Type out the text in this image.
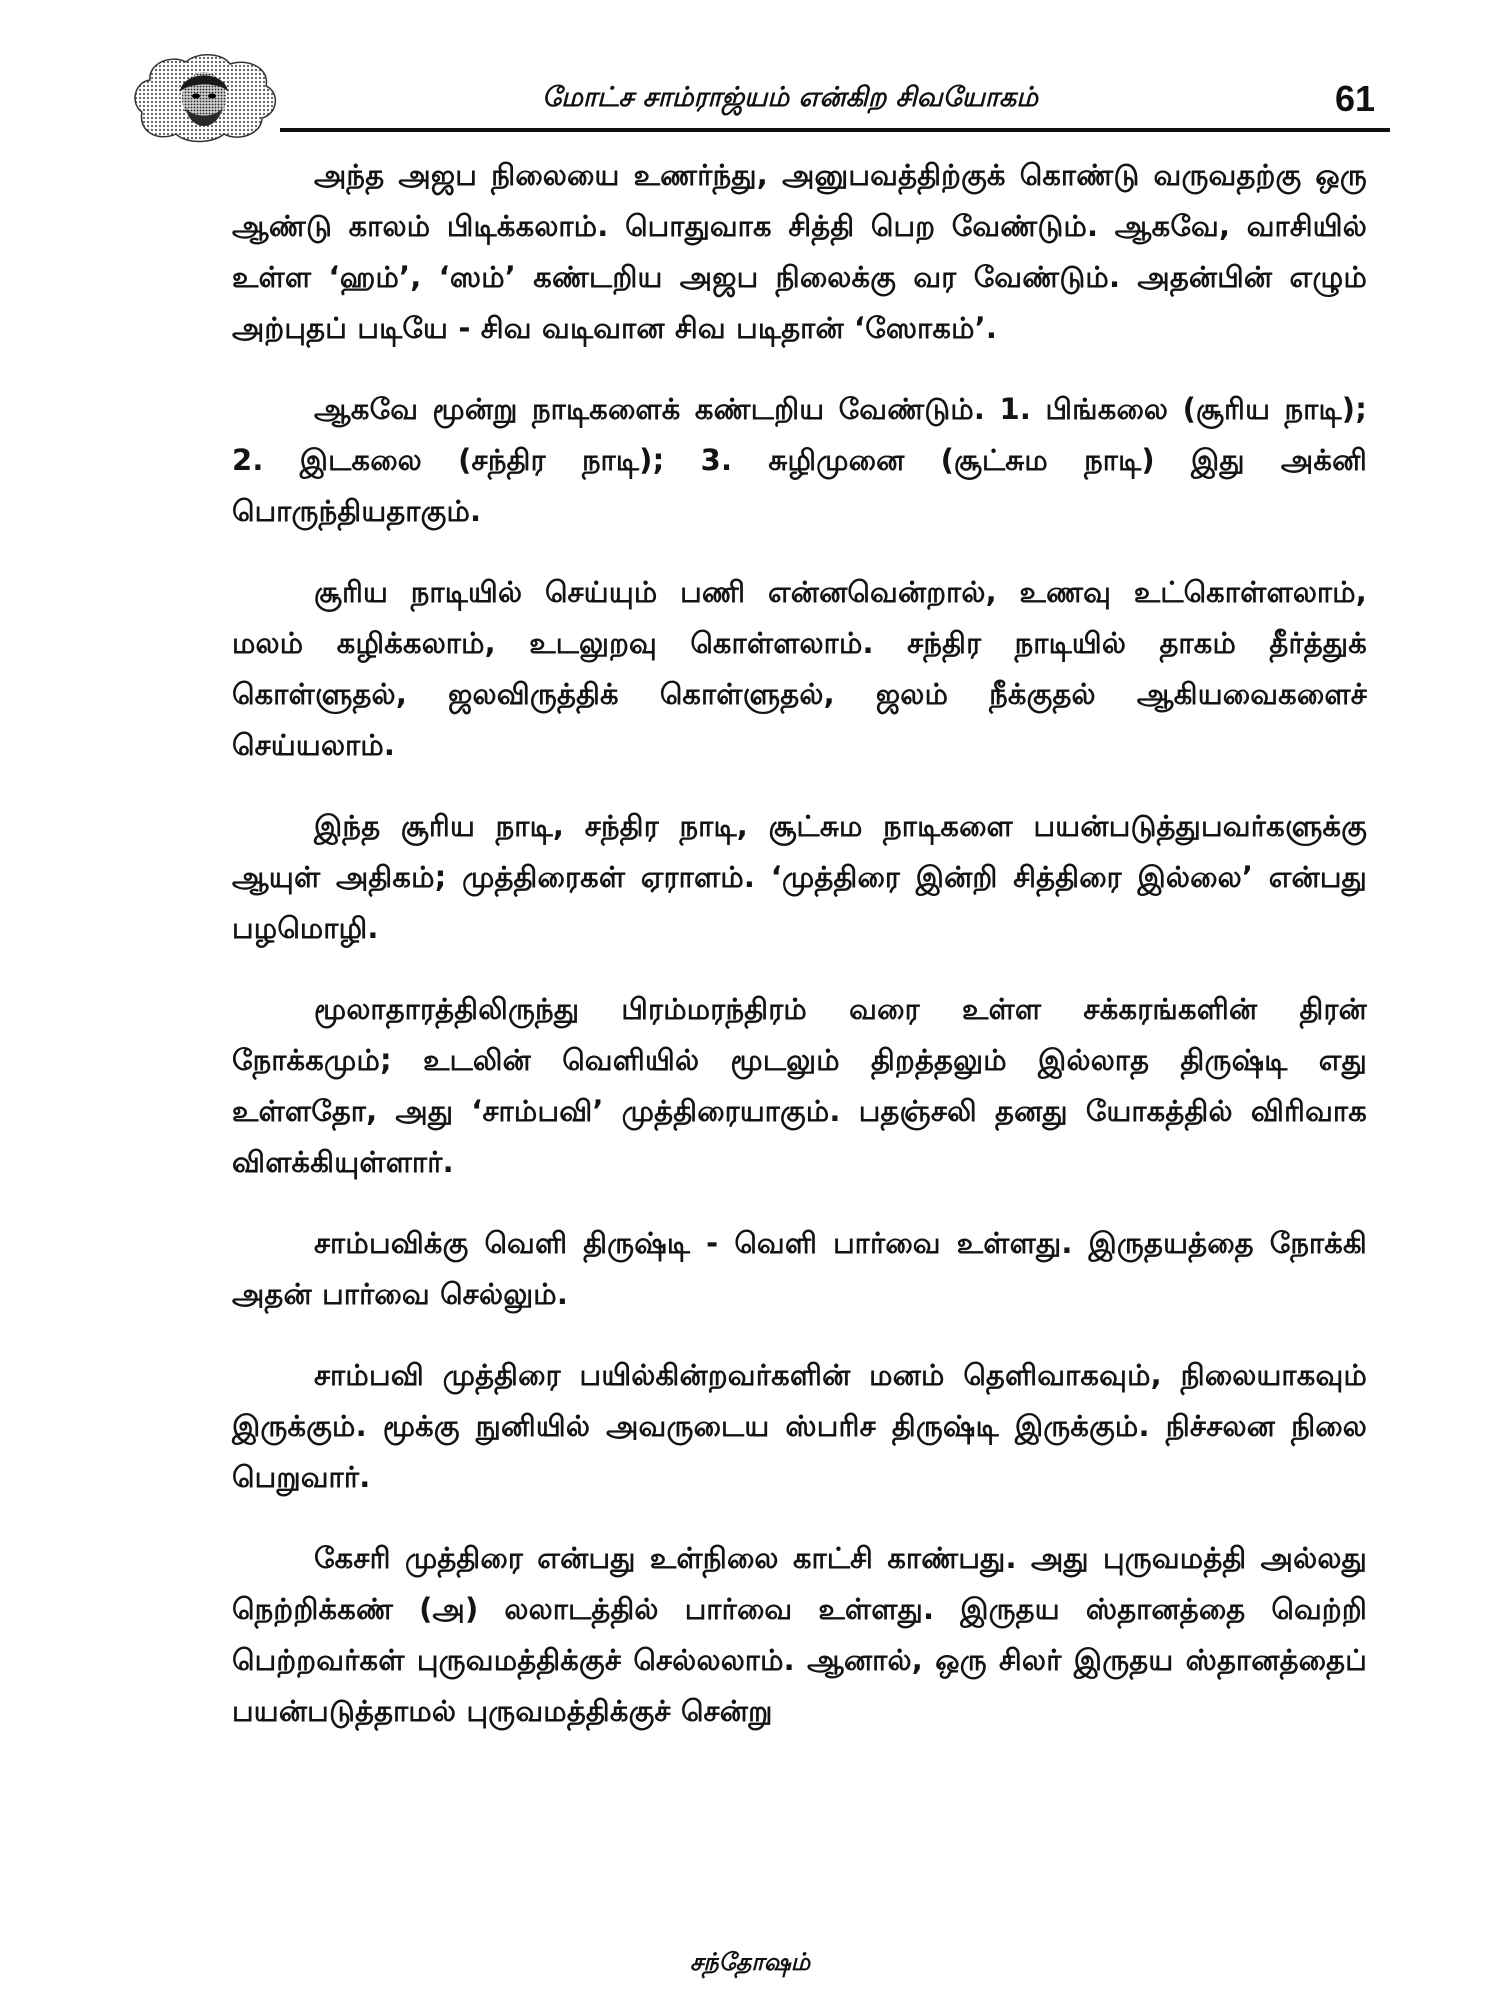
மோட்ச சாம்ராஜ்யம் என்கிற சிவயோகம்	61

அந்த அஜப நிலையை உணர்ந்து, அனுபவத்திற்குக் கொண்டு வருவதற்கு ஒரு ஆண்டு காலம் பிடிக்கலாம். பொதுவாக சித்தி பெற வேண்டும். ஆகவே, வாசியில் உள்ள ‘ஹம்’, ‘ஸம்’ கண்டறிய அஜப நிலைக்கு வர வேண்டும். அதன்பின் எழும் அற்புதப் படியே - சிவ வடிவான சிவ படிதான் ‘ஸோகம்’.

ஆகவே மூன்று நாடிகளைக் கண்டறிய வேண்டும். 1. பிங்கலை (சூரிய நாடி); 2. இடகலை (சந்திர நாடி); 3. சுழிமுனை (சூட்சும நாடி) இது அக்னி பொருந்தியதாகும்.

சூரிய நாடியில் செய்யும் பணி என்னவென்றால், உணவு உட்கொள்ளலாம், மலம் கழிக்கலாம், உடலுறவு கொள்ளலாம். சந்திர நாடியில் தாகம் தீர்த்துக் கொள்ளுதல், ஜலவிருத்திக் கொள்ளுதல், ஜலம் நீக்குதல் ஆகியவைகளைச் செய்யலாம்.

இந்த சூரிய நாடி, சந்திர நாடி, சூட்சும நாடிகளை பயன்படுத்துபவர்களுக்கு ஆயுள் அதிகம்; முத்திரைகள் ஏராளம். ‘முத்திரை இன்றி சித்திரை இல்லை’ என்பது பழமொழி.

மூலாதாரத்திலிருந்து பிரம்மரந்திரம் வரை உள்ள சக்கரங்களின் திரன் நோக்கமும்; உடலின் வெளியில் மூடலும் திறத்தலும் இல்லாத திருஷ்டி எது உள்ளதோ, அது ‘சாம்பவி’ முத்திரையாகும். பதஞ்சலி தனது யோகத்தில் விரிவாக விளக்கியுள்ளார்.

சாம்பவிக்கு வெளி திருஷ்டி - வெளி பார்வை உள்ளது. இருதயத்தை நோக்கி அதன் பார்வை செல்லும்.

சாம்பவி முத்திரை பயில்கின்றவர்களின் மனம் தெளிவாகவும், நிலையாகவும் இருக்கும். மூக்கு நுனியில் அவருடைய ஸ்பரிச திருஷ்டி இருக்கும். நிச்சலன நிலை பெறுவார்.

கேசரி முத்திரை என்பது உள்நிலை காட்சி காண்பது. அது புருவமத்தி அல்லது நெற்றிக்கண் (அ) லலாடத்தில் பார்வை உள்ளது. இருதய ஸ்தானத்தை வெற்றி பெற்றவர்கள் புருவமத்திக்குச் செல்லலாம். ஆனால், ஒரு சிலர் இருதய ஸ்தானத்தைப் பயன்படுத்தாமல் புருவமத்திக்குச் சென்று

சந்தோஷம்
